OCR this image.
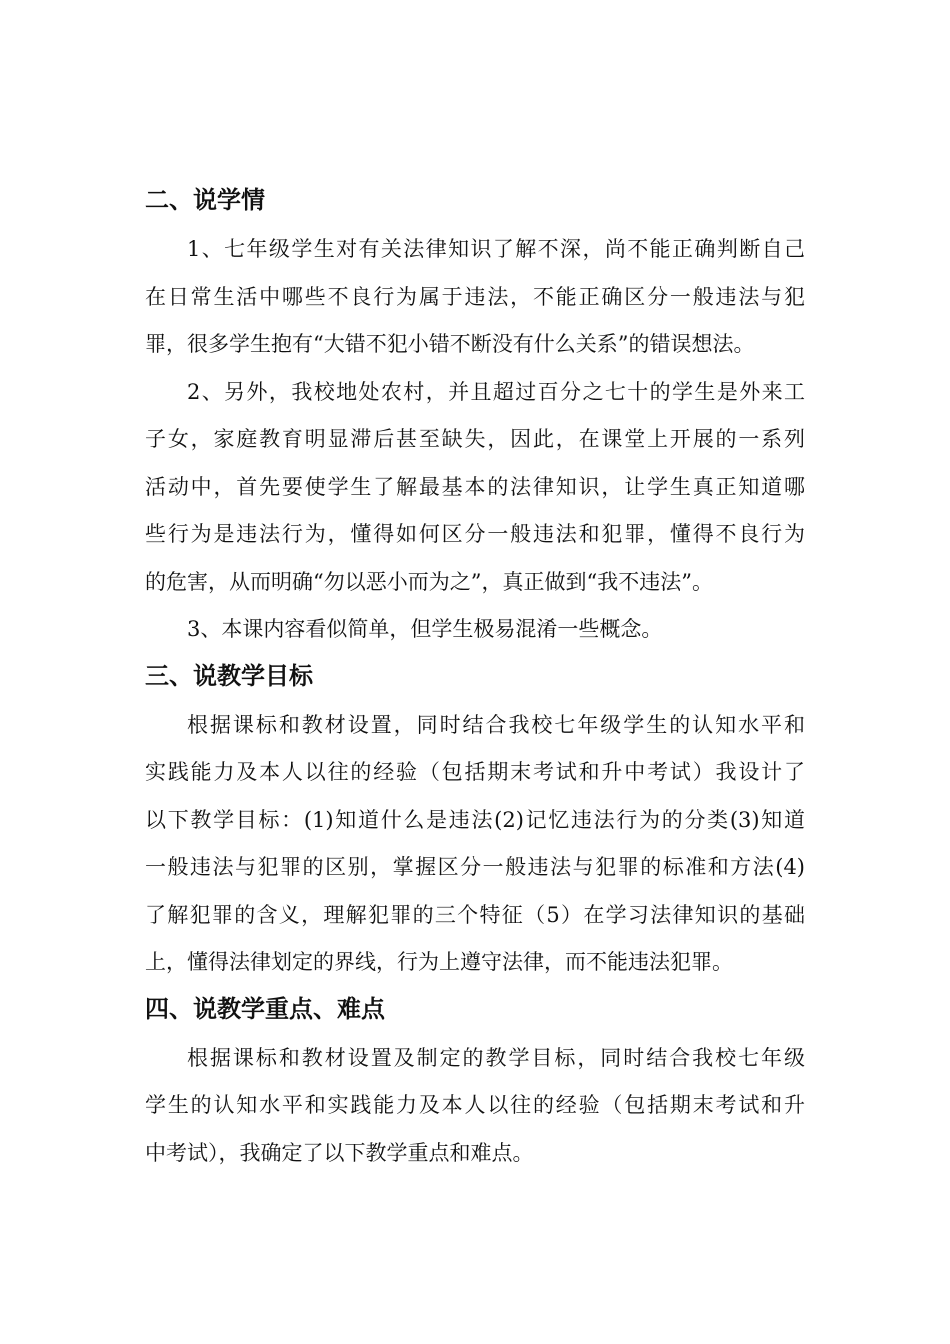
二、说学情
1、七年级学生对有关法律知识了解不深，尚不能正确判断自己
在日常生活中哪些不良行为属于违法，不能正确区分一般违法与犯
罪，很多学生抱有“大错不犯小错不断没有什么关系”的错误想法。
2、另外，我校地处农村，并且超过百分之七十的学生是外来工
子女，家庭教育明显滞后甚至缺失，因此，在课堂上开展的一系列
活动中，首先要使学生了解最基本的法律知识，让学生真正知道哪
些行为是违法行为，懂得如何区分一般违法和犯罪，懂得不良行为
的危害，从而明确“勿以恶小而为之”，真正做到“我不违法”。
3、本课内容看似简单，但学生极易混淆一些概念。
三、说教学目标
根据课标和教材设置，同时结合我校七年级学生的认知水平和
实践能力及本人以往的经验（包括期末考试和升中考试）我设计了
以下教学目标：(1)知道什么是违法(2)记忆违法行为的分类(3)知道
一般违法与犯罪的区别，掌握区分一般违法与犯罪的标准和方法(4)
了解犯罪的含义，理解犯罪的三个特征（5）在学习法律知识的基础
上，懂得法律划定的界线，行为上遵守法律，而不能违法犯罪。
四、说教学重点、难点
根据课标和教材设置及制定的教学目标，同时结合我校七年级
学生的认知水平和实践能力及本人以往的经验（包括期末考试和升
中考试），我确定了以下教学重点和难点。
